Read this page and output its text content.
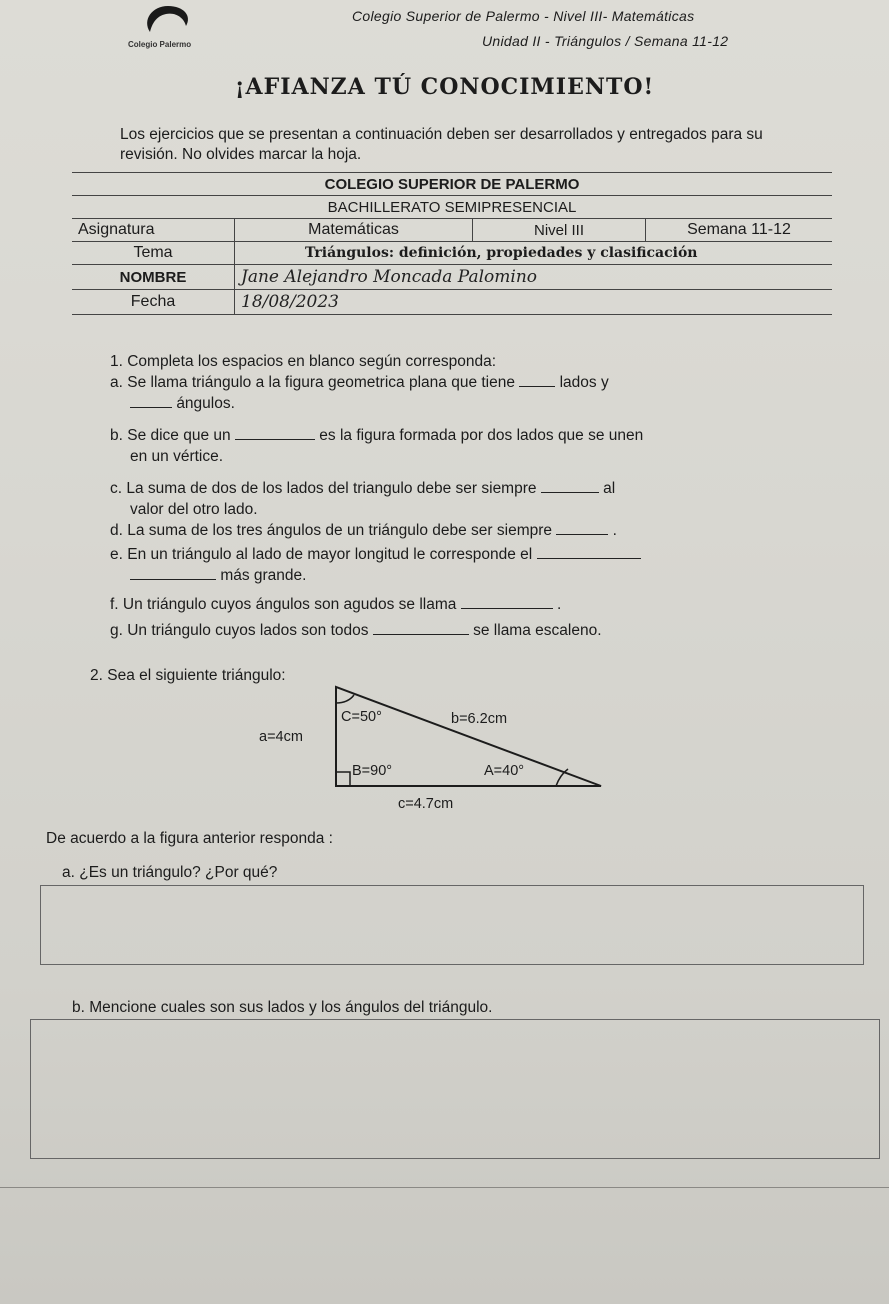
Colegio Palermo
Colegio Superior de Palermo - Nivel III- Matemáticas
Unidad II - Triángulos / Semana 11-12
¡AFIANZA TÚ CONOCIMIENTO!
Los ejercicios que se presentan a continuación deben ser desarrollados y entregados para su revisión. No olvides marcar la hoja.
COLEGIO SUPERIOR DE PALERMO			
BACHILLERATO SEMIPRESENCIAL			
Asignatura	Matemáticas	Nivel III	Semana 11-12
Tema	Triángulos: definición, propiedades y clasificación		
NOMBRE	Jane Alejandro Moncada Palomino		
Fecha	18/08/2023		
1. Completa los espacios en blanco según corresponda:
a. Se llama triángulo a la figura geometrica plana que tiene	lados y
ángulos.
b. Se dice que un	es la figura formada por dos lados que se unen
en un vértice.
c. La suma de dos de los lados del triangulo debe ser siempre	al
valor del otro lado.
d. La suma de los tres ángulos de un triángulo debe ser siempre	.
e. En un triángulo al lado de mayor longitud le corresponde el
más grande.
f. Un triángulo cuyos ángulos son agudos se llama	.
g. Un triángulo cuyos lados son todos	se llama escaleno.
2. Sea el siguiente triángulo:
a=4cm
C=50°	b=6.2cm
B=90°	A=40°
c=4.7cm
De acuerdo a la figura anterior responda :
a. ¿Es un triángulo? ¿Por qué?
b. Mencione cuales son sus lados y los ángulos del triángulo.
